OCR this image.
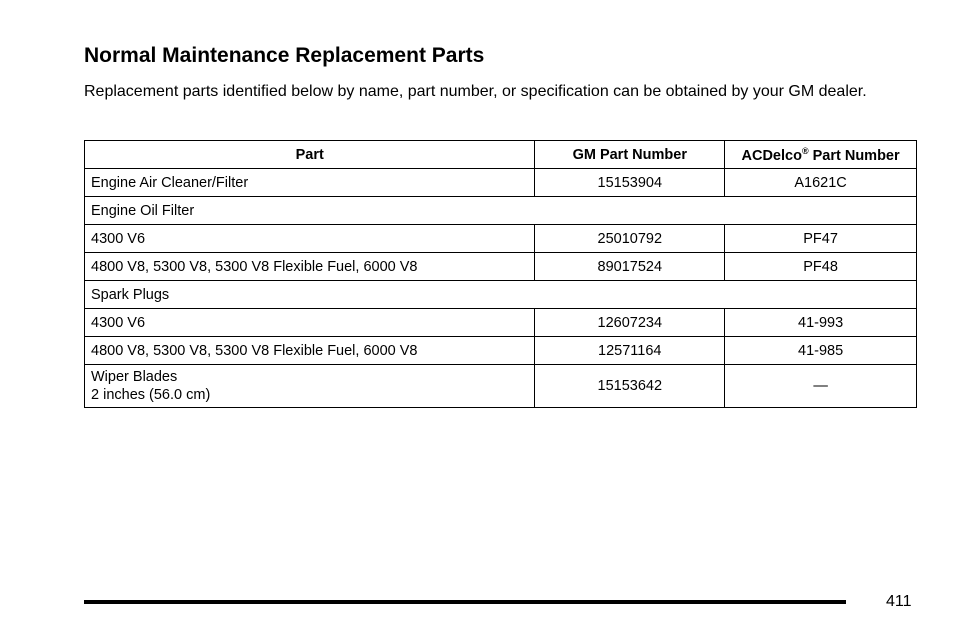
Normal Maintenance Replacement Parts

Replacement parts identified below by name, part number, or specification can be obtained by your GM dealer.

Part	GM Part Number	ACDelco® Part Number
Engine Air Cleaner/Filter	15153904	A1621C
Engine Oil Filter		
4300 V6	25010792	PF47
4800 V8, 5300 V8, 5300 V8 Flexible Fuel, 6000 V8	89017524	PF48
Spark Plugs		
4300 V6	12607234	41-993
4800 V8, 5300 V8, 5300 V8 Flexible Fuel, 6000 V8	12571164	41-985

Wiper Blades
2 inches (56.0 cm)	15153642	—
411
